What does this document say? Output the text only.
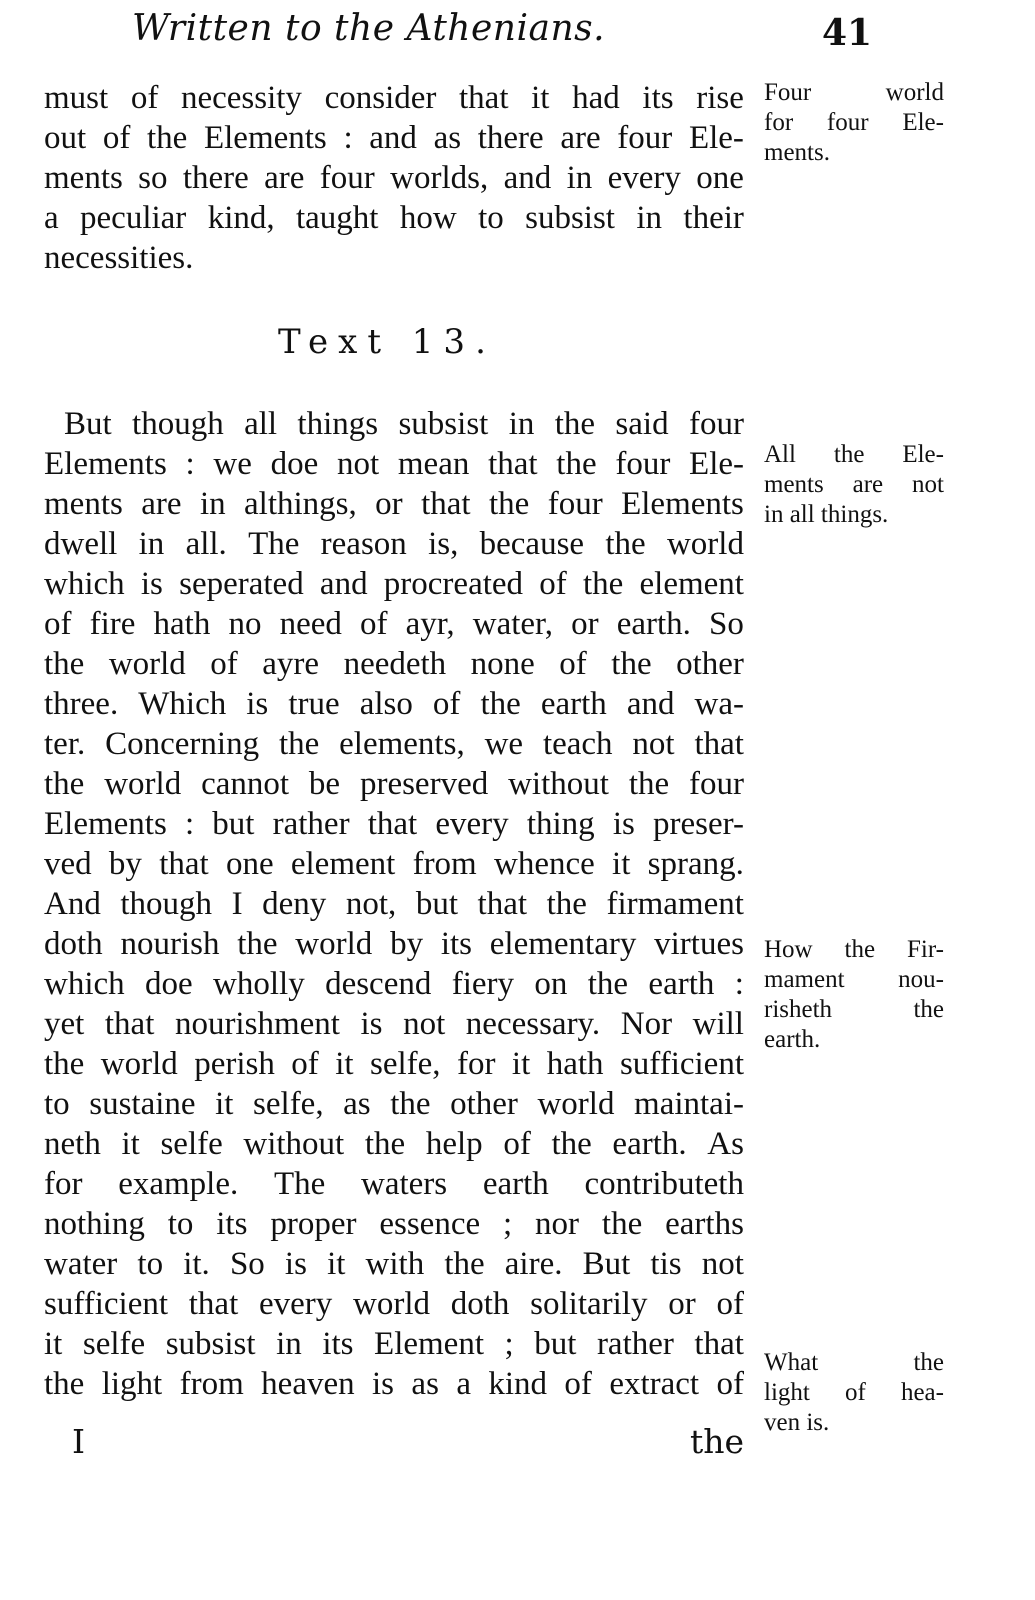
Written to the Athenians.	41
must of necessity consider that it had its rise
out of the Elements : and as there are four Ele-
ments so there are four worlds, and in every one
a peculiar kind, taught how to subsist in their
necessities.
Text 13.
But though all things subsist in the said four
Elements : we doe not mean that the four Ele-
ments are in althings, or that the four Elements
dwell in all. The reason is, because the world
which is seperated and procreated of the element
of fire hath no need of ayr, water, or earth. So
the world of ayre needeth none of the other
three. Which is true also of the earth and wa-
ter. Concerning the elements, we teach not that
the world cannot be preserved without the four
Elements : but rather that every thing is preser-
ved by that one element from whence it sprang.
And though I deny not, but that the firmament
doth nourish the world by its elementary virtues
which doe wholly descend fiery on the earth :
yet that nourishment is not necessary. Nor will
the world perish of it selfe, for it hath sufficient
to sustaine it selfe, as the other world maintai-
neth it selfe without the help of the earth. As
for example. The waters earth contributeth
nothing to its proper essence ; nor the earths
water to it. So is it with the aire. But tis not
sufficient that every world doth solitarily or of
it selfe subsist in its Element ; but rather that
the light from heaven is as a kind of extract of
Four	world
for four Ele-
ments.
All the Ele-
ments are not
in all things.
How the Fir-
mament nou-
risheth	the
earth.
What	the
light of hea-
ven is.
I	the
